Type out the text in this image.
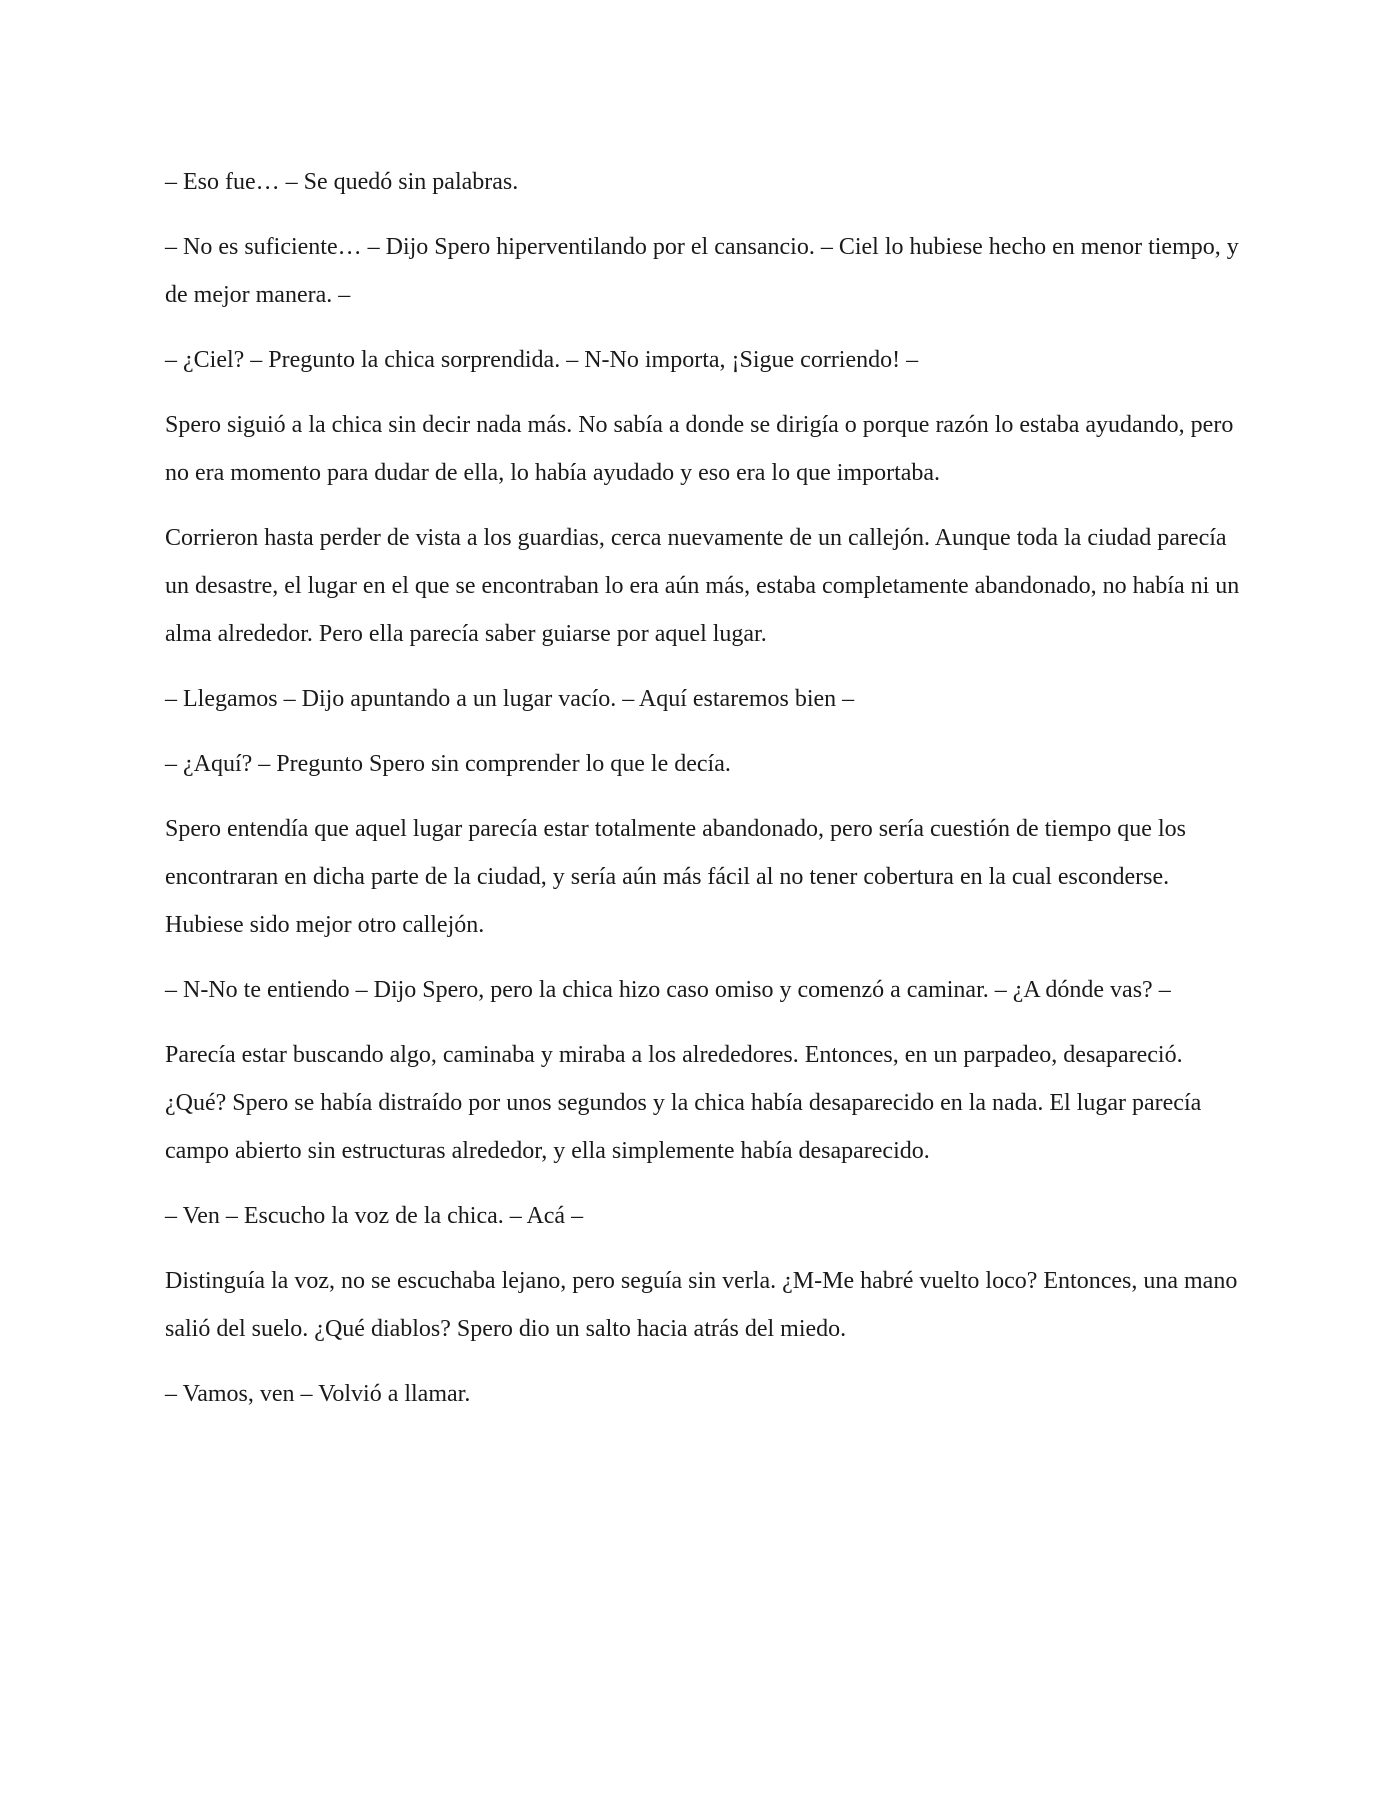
– Eso fue… – Se quedó sin palabras.

– No es suficiente… – Dijo Spero hiperventilando por el cansancio. – Ciel lo hubiese hecho en menor tiempo, y de mejor manera. –

– ¿Ciel? – Pregunto la chica sorprendida. – N-No importa, ¡Sigue corriendo! –

Spero siguió a la chica sin decir nada más. No sabía a donde se dirigía o porque razón lo estaba ayudando, pero no era momento para dudar de ella, lo había ayudado y eso era lo que importaba.

Corrieron hasta perder de vista a los guardias, cerca nuevamente de un callejón. Aunque toda la ciudad parecía un desastre, el lugar en el que se encontraban lo era aún más, estaba completamente abandonado, no había ni un alma alrededor. Pero ella parecía saber guiarse por aquel lugar.

– Llegamos – Dijo apuntando a un lugar vacío. – Aquí estaremos bien –

– ¿Aquí? – Pregunto Spero sin comprender lo que le decía.

Spero entendía que aquel lugar parecía estar totalmente abandonado, pero sería cuestión de tiempo que los encontraran en dicha parte de la ciudad, y sería aún más fácil al no tener cobertura en la cual esconderse. Hubiese sido mejor otro callejón.

– N-No te entiendo – Dijo Spero, pero la chica hizo caso omiso y comenzó a caminar. – ¿A dónde vas? –

Parecía estar buscando algo, caminaba y miraba a los alrededores. Entonces, en un parpadeo, desapareció. ¿Qué? Spero se había distraído por unos segundos y la chica había desaparecido en la nada. El lugar parecía campo abierto sin estructuras alrededor, y ella simplemente había desaparecido.

– Ven – Escucho la voz de la chica. – Acá –

Distinguía la voz, no se escuchaba lejano, pero seguía sin verla. ¿M-Me habré vuelto loco? Entonces, una mano salió del suelo. ¿Qué diablos? Spero dio un salto hacia atrás del miedo.

– Vamos, ven – Volvió a llamar.
